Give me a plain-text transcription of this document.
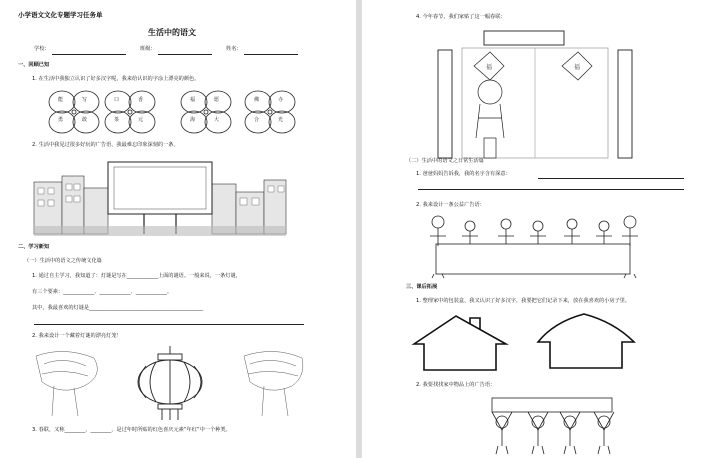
小学语文文化专题学习任务单
生活中的语文
学校：	班级：	姓名：
一、回顾已知
1. 在生活中我独立认识了好多汉字呢，我来给认识的字涂上漂亮的颜色。
能	写
勇	敢
口	香
茶	元
福	愿
海	大
佛	寺
合	光
2. 生活中我见过很多好玩的广告语，我最难忘印象深刻的一条。
二、学习新知
（一）生活中的语文之传统文化篇
1. 通过自主学习，我知道了：灯谜是写在____________上面的谜语。一般来说，一条灯谜，
有三个要素：____________、____________、____________。
其中，我最喜欢的灯谜是____________________________________________
2. 我来设计一个藏着灯谜的漂亮灯笼！
3. 春联，又称________，________，是过年时所贴的红色喜庆元素“年红”中一个种类。
4. 今年春节，我们家贴了这一幅春联：
福	福
（二）生活中的语文之日常生活篇
1. 爸爸妈妈告诉我，我的名字含有深意：
2. 我来设计一条公益广告语：
三、课后拓展
1. 整理家中的包装盒，我又认识了好多汉字，我要把它们记录下来，放在我喜欢的小房子里。
2. 我要找找家中物品上的广告语：
